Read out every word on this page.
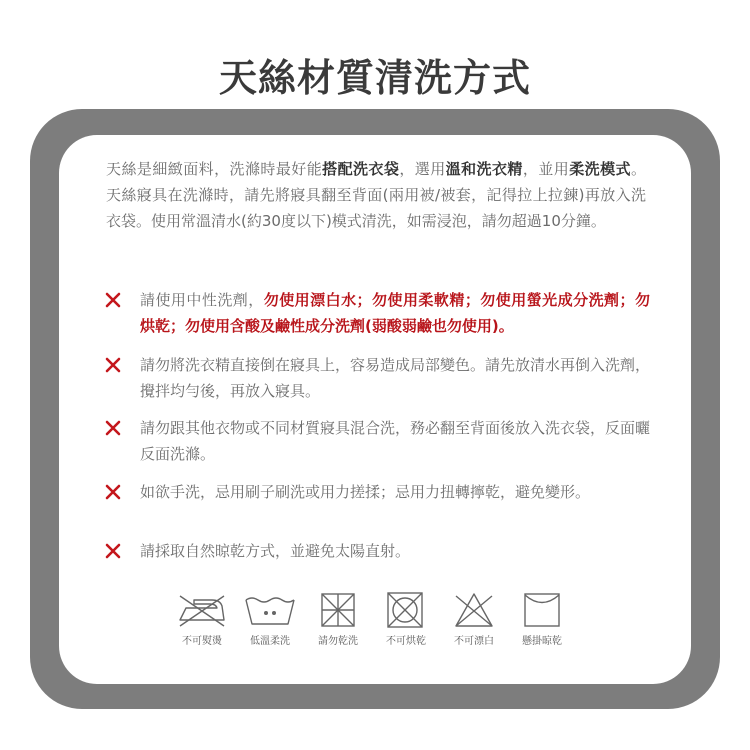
天絲材質清洗方式
天絲是細緻面料，洗滌時最好能搭配洗衣袋，選用溫和洗衣精，並用柔洗模式。天絲寢具在洗滌時，請先將寢具翻至背面(兩用被/被套，記得拉上拉鍊)再放入洗衣袋。使用常溫清水(約30度以下)模式清洗，如需浸泡，請勿超過10分鐘。
請使用中性洗劑，勿使用漂白水；勿使用柔軟精；勿使用螢光成分洗劑；勿烘乾；勿使用含酸及鹼性成分洗劑(弱酸弱鹼也勿使用)。
請勿將洗衣精直接倒在寢具上，容易造成局部變色。請先放清水再倒入洗劑，攪拌均勻後，再放入寢具。
請勿跟其他衣物或不同材質寢具混合洗，務必翻至背面後放入洗衣袋，反面曬反面洗滌。
如欲手洗，忌用刷子刷洗或用力搓揉；忌用力扭轉擰乾，避免變形。
請採取自然晾乾方式，並避免太陽直射。
不可熨燙	低溫柔洗	請勿乾洗	不可烘乾	不可漂白	懸掛晾乾
